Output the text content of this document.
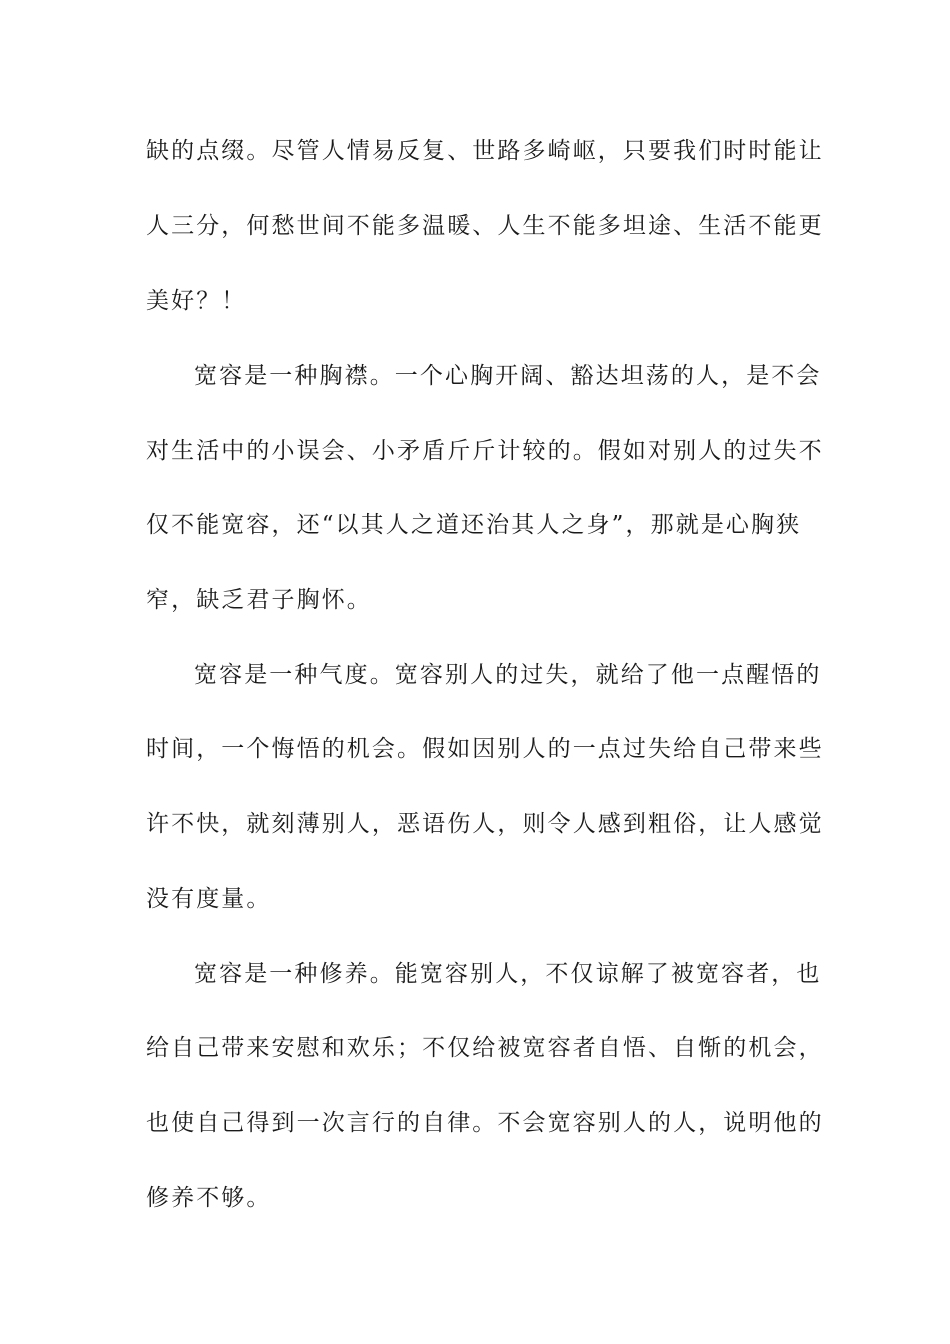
缺的点缀。尽管人情易反复、世路多崎岖，只要我们时时能让
人三分，何愁世间不能多温暖、人生不能多坦途、生活不能更
美好？！
宽容是一种胸襟。一个心胸开阔、豁达坦荡的人，是不会
对生活中的小误会、小矛盾斤斤计较的。假如对别人的过失不
仅不能宽容，还“以其人之道还治其人之身”，那就是心胸狭
窄，缺乏君子胸怀。
宽容是一种气度。宽容别人的过失，就给了他一点醒悟的
时间，一个悔悟的机会。假如因别人的一点过失给自己带来些
许不快，就刻薄别人，恶语伤人，则令人感到粗俗，让人感觉
没有度量。
宽容是一种修养。能宽容别人，不仅谅解了被宽容者，也
给自己带来安慰和欢乐；不仅给被宽容者自悟、自惭的机会，
也使自己得到一次言行的自律。不会宽容别人的人，说明他的
修养不够。
